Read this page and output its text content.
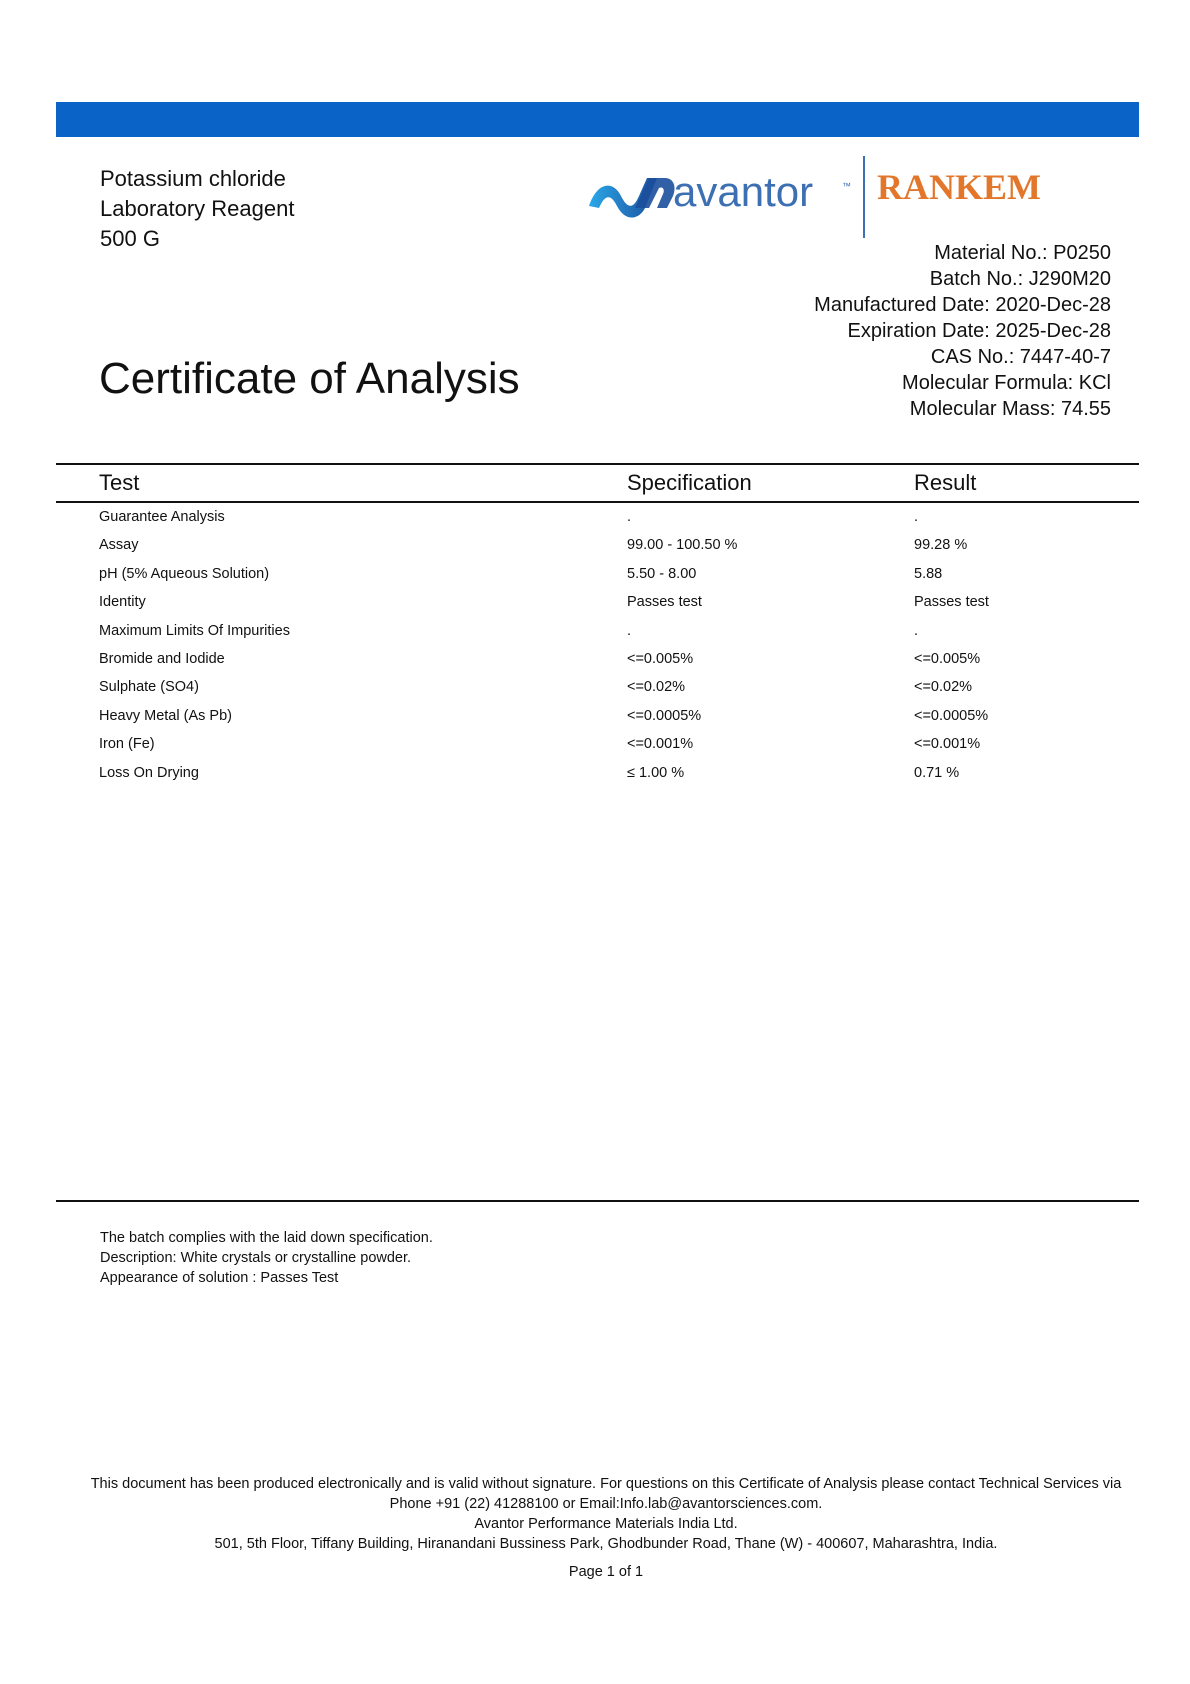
Potassium chloride
Laboratory Reagent
500 G
avantor	™ RANKEM
Material No.: P0250
Batch No.: J290M20
Manufactured Date: 2020-Dec-28
Expiration Date: 2025-Dec-28
CAS No.: 7447-40-7
Molecular Formula: KCl
Molecular Mass: 74.55
Certificate of Analysis
Test	Specification	Result
Guarantee Analysis	.	.
Assay	99.00 - 100.50 %	99.28 %
pH (5% Aqueous Solution)	5.50 - 8.00	5.88
Identity	Passes test	Passes test
Maximum Limits Of Impurities	.	.
Bromide and Iodide	<=0.005%	<=0.005%
Sulphate (SO4)	<=0.02%	<=0.02%
Heavy Metal (As Pb)	<=0.0005%	<=0.0005%
Iron (Fe)	<=0.001%	<=0.001%
Loss On Drying	≤ 1.00 %	0.71 %
The batch complies with the laid down specification.
Description: White crystals or crystalline powder.
Appearance of solution : Passes Test
This document has been produced electronically and is valid without signature. For questions on this Certificate of Analysis please contact Technical Services via
Phone +91 (22) 41288100 or Email:Info.lab@avantorsciences.com.
Avantor Performance Materials India Ltd.
501, 5th Floor, Tiffany Building, Hiranandani Bussiness Park, Ghodbunder Road, Thane (W) - 400607, Maharashtra, India.
Page 1 of 1
